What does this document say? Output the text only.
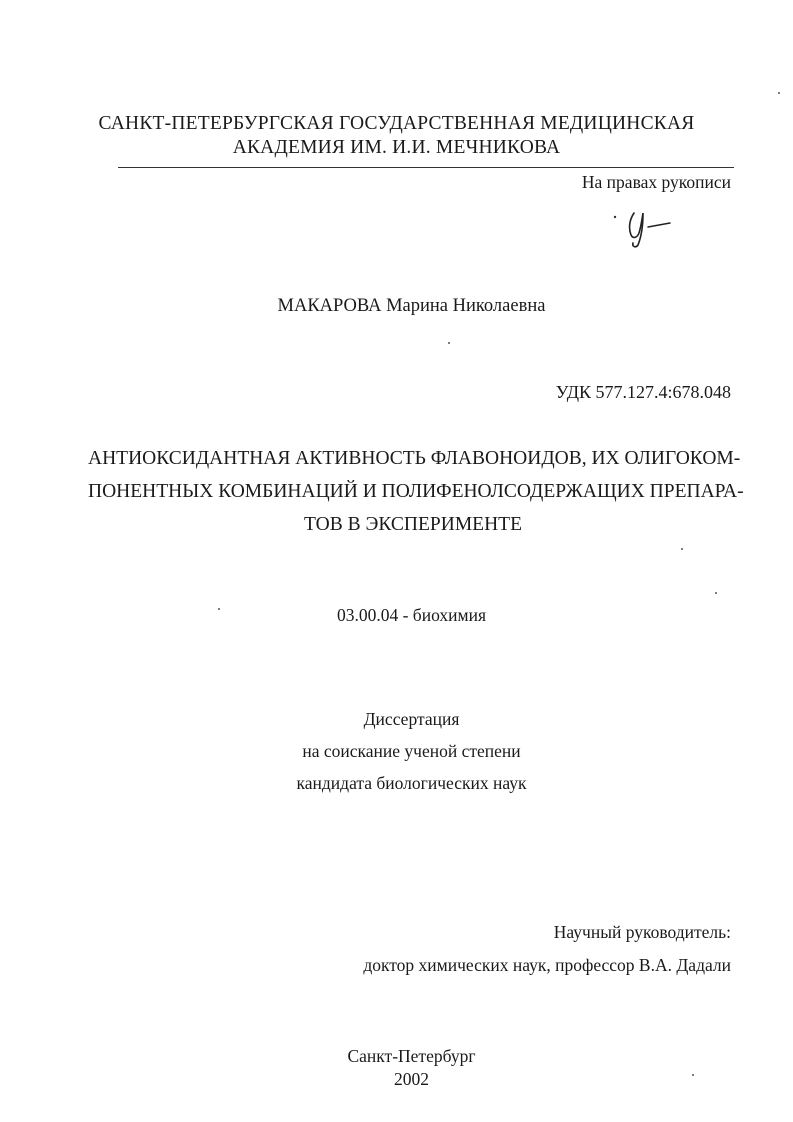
САНКТ-ПЕТЕРБУРГСКАЯ ГОСУДАРСТВЕННАЯ МЕДИЦИНСКАЯ
АКАДЕМИЯ ИМ. И.И. МЕЧНИКОВА
На правах рукописи
МАКАРОВА Марина Николаевна
УДК 577.127.4:678.048
АНТИОКСИДАНТНАЯ АКТИВНОСТЬ ФЛАВОНОИДОВ, ИХ ОЛИГОКОМ-
ПОНЕНТНЫХ КОМБИНАЦИЙ И ПОЛИФЕНОЛСОДЕРЖАЩИХ ПРЕПАРА-
ТОВ В ЭКСПЕРИМЕНТЕ
03.00.04 - биохимия
Диссертация
на соискание ученой степени
кандидата биологических наук
Научный руководитель:
доктор химических наук, профессор В.А. Дадали
Санкт-Петербург
2002
